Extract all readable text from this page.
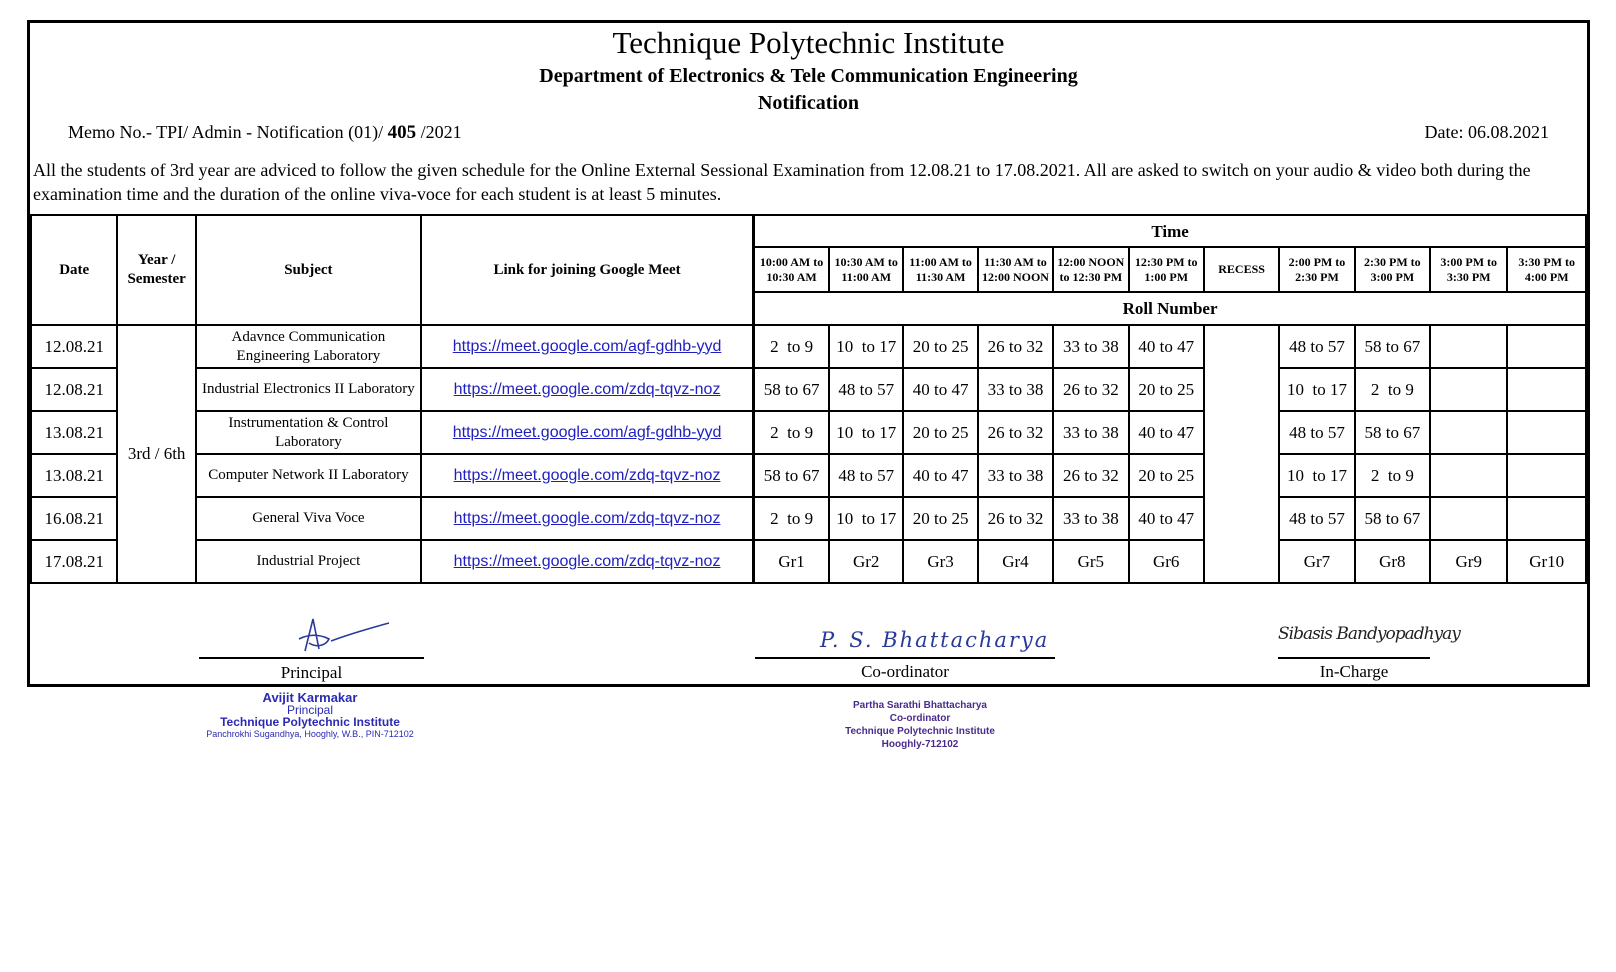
Technique Polytechnic Institute
Department of Electronics & Tele Communication Engineering
Notification
Memo No.- TPI/ Admin - Notification (01)/ 405 /2021	Date: 06.08.2021
All the students of 3rd year are adviced to follow the given schedule for the Online External Sessional Examination from 12.08.21 to 17.08.2021. All are asked to switch on your audio & video both during the examination time and the duration of the online viva-voce for each student is at least 5 minutes.
Date	Year / Semester	Subject	Link for joining Google Meet	Time										
				10:00 AM to 10:30 AM	10:30 AM to 11:00 AM	11:00 AM to 11:30 AM	11:30 AM to 12:00 NOON	12:00 NOON to 12:30 PM	12:30 PM to 1:00 PM	RECESS	2:00 PM to 2:30 PM	2:30 PM to 3:00 PM	3:00 PM to 3:30 PM	3:30 PM to 4:00 PM
				Roll Number										
12.08.21	3rd / 6th	Adavnce Communication Engineering Laboratory	https://meet.google.com/agf-gdhb-yyd	2  to 9	10  to 17	20 to 25	26 to 32	33 to 38	40 to 47		48 to 57	58 to 67		
12.08.21		Industrial Electronics II Laboratory	https://meet.google.com/zdq-tqvz-noz	58 to 67	48 to 57	40 to 47	33 to 38	26 to 32	20 to 25		10  to 17	2  to 9		
13.08.21		Instrumentation & Control Laboratory	https://meet.google.com/agf-gdhb-yyd	2  to 9	10  to 17	20 to 25	26 to 32	33 to 38	40 to 47		48 to 57	58 to 67		
13.08.21		Computer Network II Laboratory	https://meet.google.com/zdq-tqvz-noz	58 to 67	48 to 57	40 to 47	33 to 38	26 to 32	20 to 25		10  to 17	2  to 9		
16.08.21		General Viva Voce	https://meet.google.com/zdq-tqvz-noz	2  to 9	10  to 17	20 to 25	26 to 32	33 to 38	40 to 47		48 to 57	58 to 67		
17.08.21		Industrial Project	https://meet.google.com/zdq-tqvz-noz	Gr1	Gr2	Gr3	Gr4	Gr5	Gr6		Gr7	Gr8	Gr9	Gr10
Principal
Avijit Karmakar
Principal
Technique Polytechnic Institute
Panchrokhi Sugandhya, Hooghly, W.B., PIN-712102
P. S. Bhattacharya
Co-ordinator
Partha Sarathi Bhattacharya
Co-ordinator
Technique Polytechnic Institute
Hooghly-712102
Sibasis Bandyopadhyay
In-Charge
